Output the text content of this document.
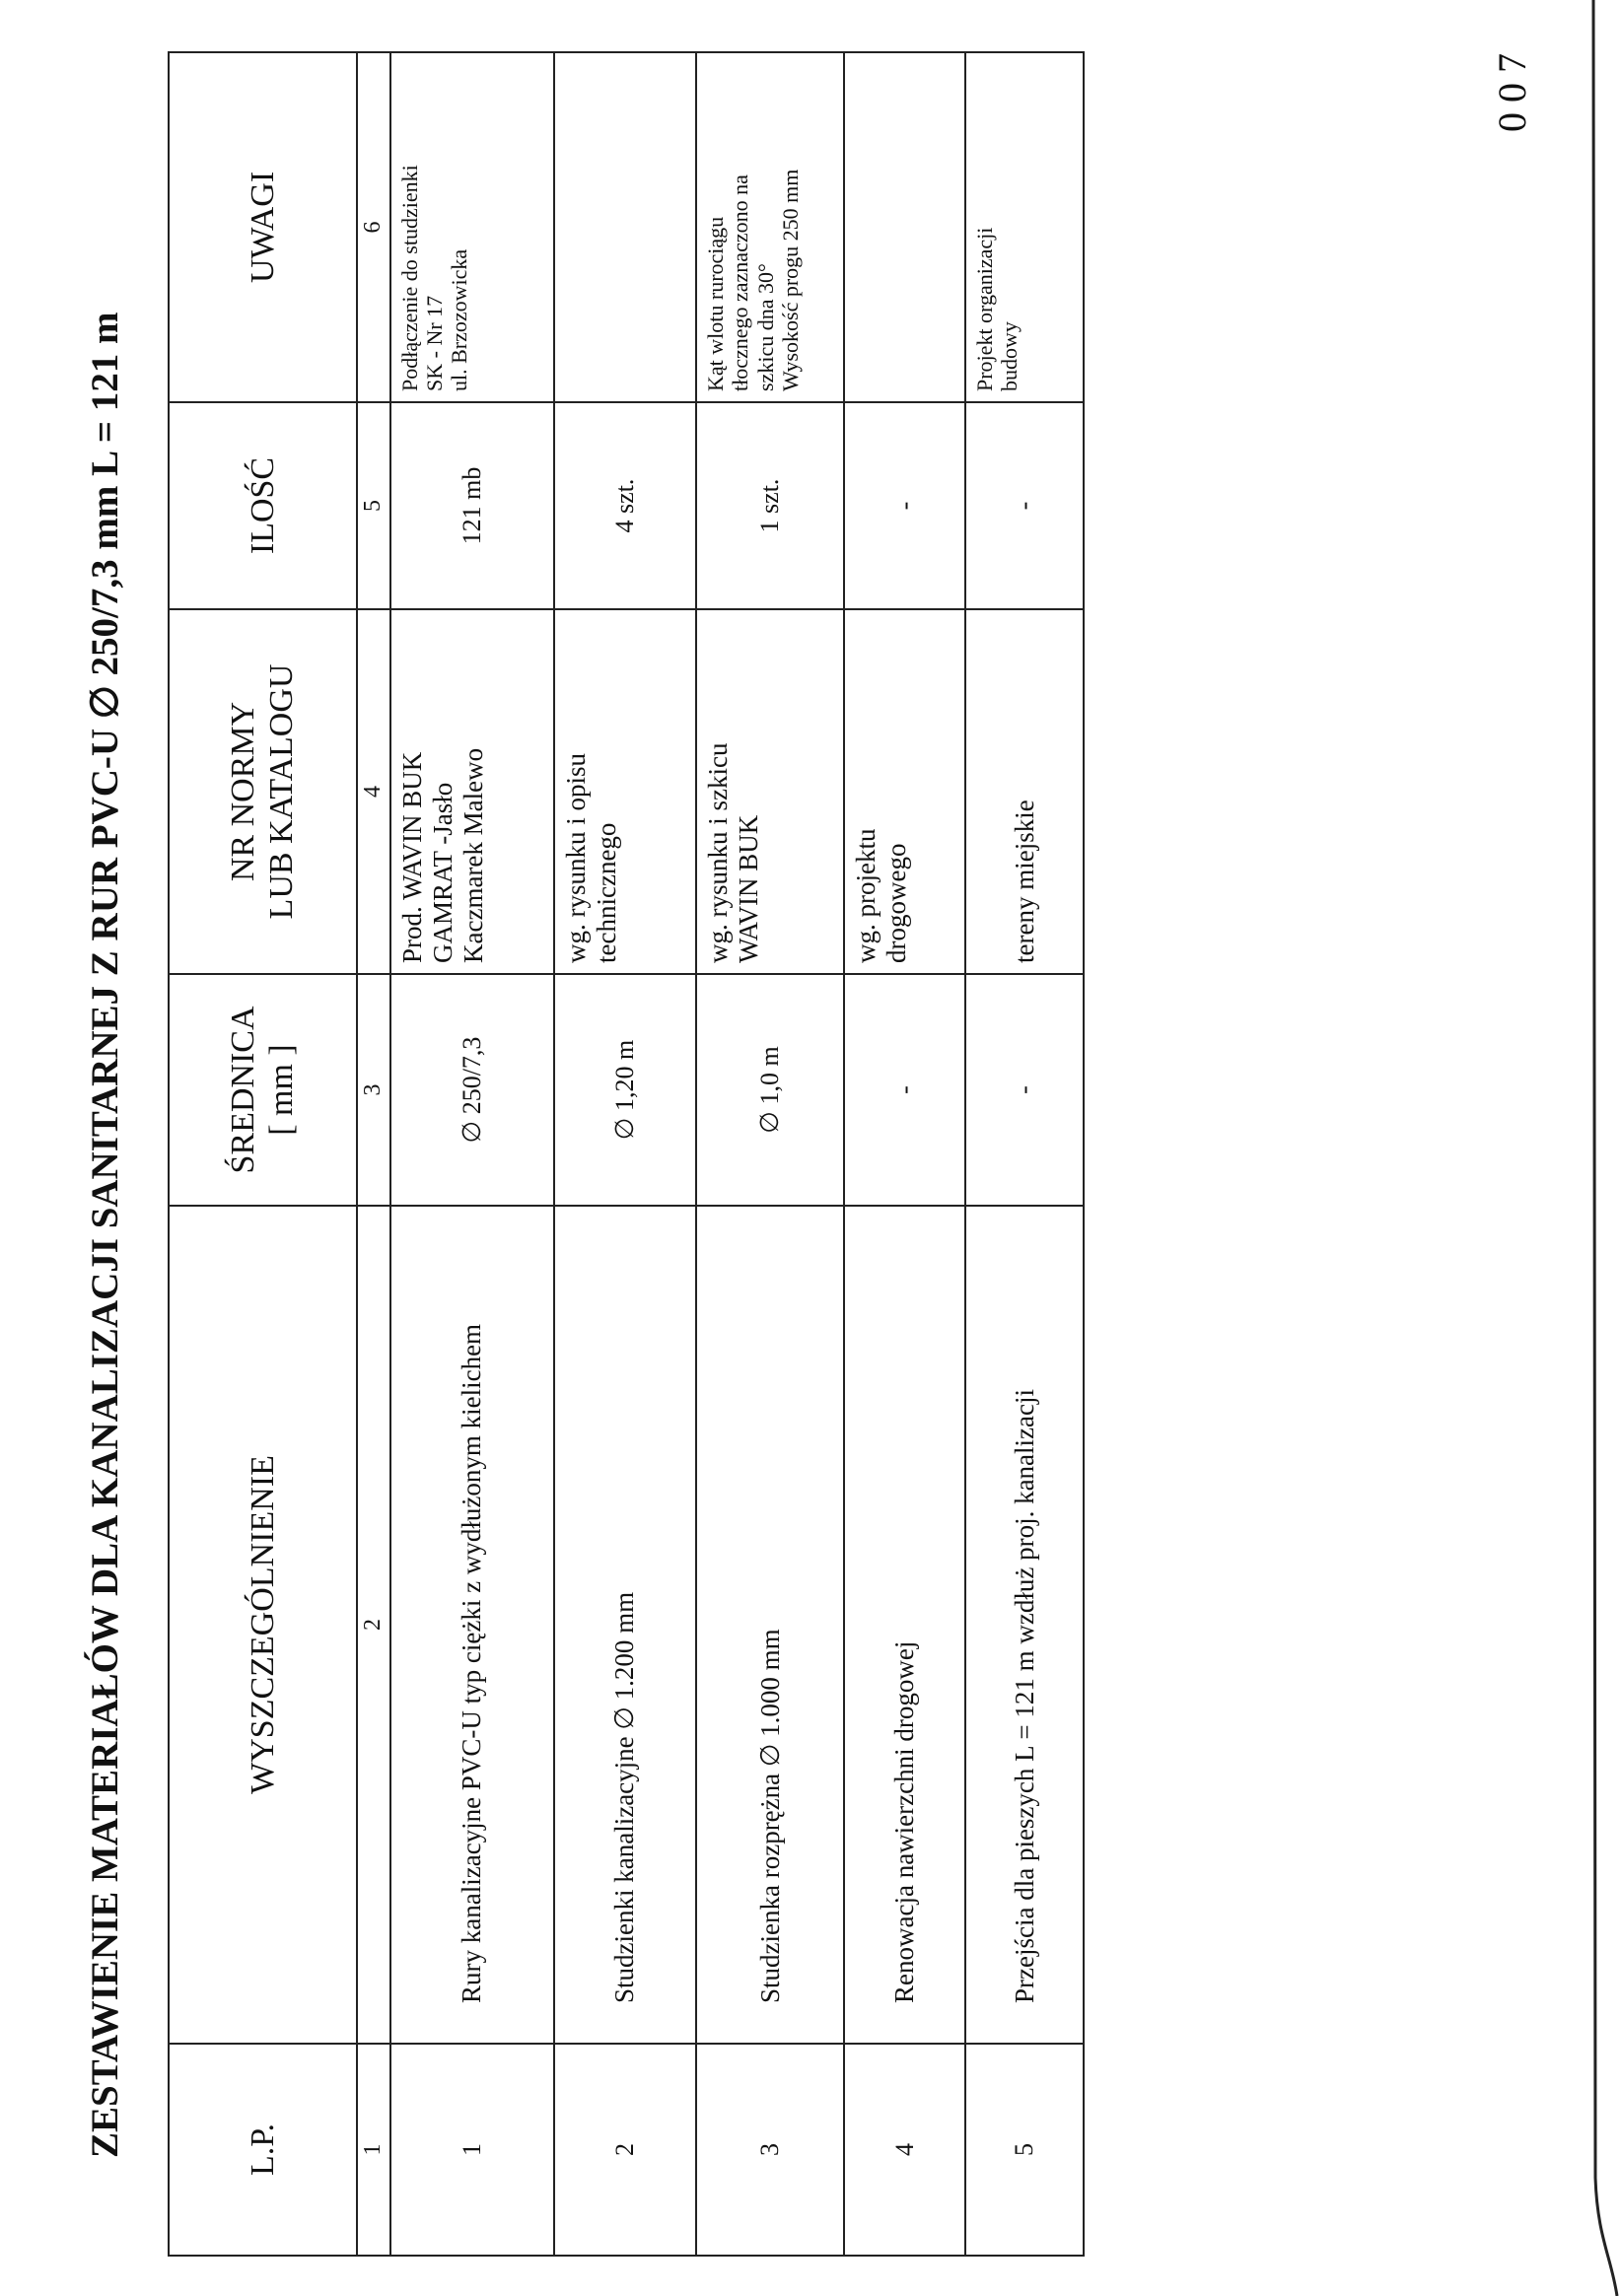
ZESTAWIENIE MATERIAŁÓW DLA KANALIZACJI SANITARNEJ Z RUR PVC-U ∅ 250/7,3 mm L = 121 m	L.P.	WYSZCZEGÓLNIENIE	ŚREDNICA
[ mm ]	NR NORMY
LUB KATALOGU	ILOŚĆ	UWAGI
1	2	3	4	5	6
1	Rury kanalizacyjne PVC-U typ ciężki z wydłużonym kielichem	∅ 250/7,3	Prod. WAVIN BUK
GAMRAT -Jasło
Kaczmarek Malewo	121 mb	Podłączenie do studzienki
SK - Nr 17
ul. Brzozowicka
2	Studzienki kanalizacyjne ∅ 1.200 mm	∅ 1,20 m	wg. rysunku i opisu
technicznego	4 szt.	
3	Studzienka rozprężna ∅ 1.000 mm	∅ 1,0 m	wg. rysunku i szkicu
WAVIN BUK	1 szt.	Kąt wlotu rurociągu
tłocznego zaznaczono na
szkicu dna 30°
Wysokość progu 250 mm
4	Renowacja nawierzchni drogowej	-	wg. projektu
drogowego	-	
5	Przejścia dla pieszych L = 121 m wzdłuż proj. kanalizacji	-	tereny miejskie	-	Projekt organizacji
budowy
007
